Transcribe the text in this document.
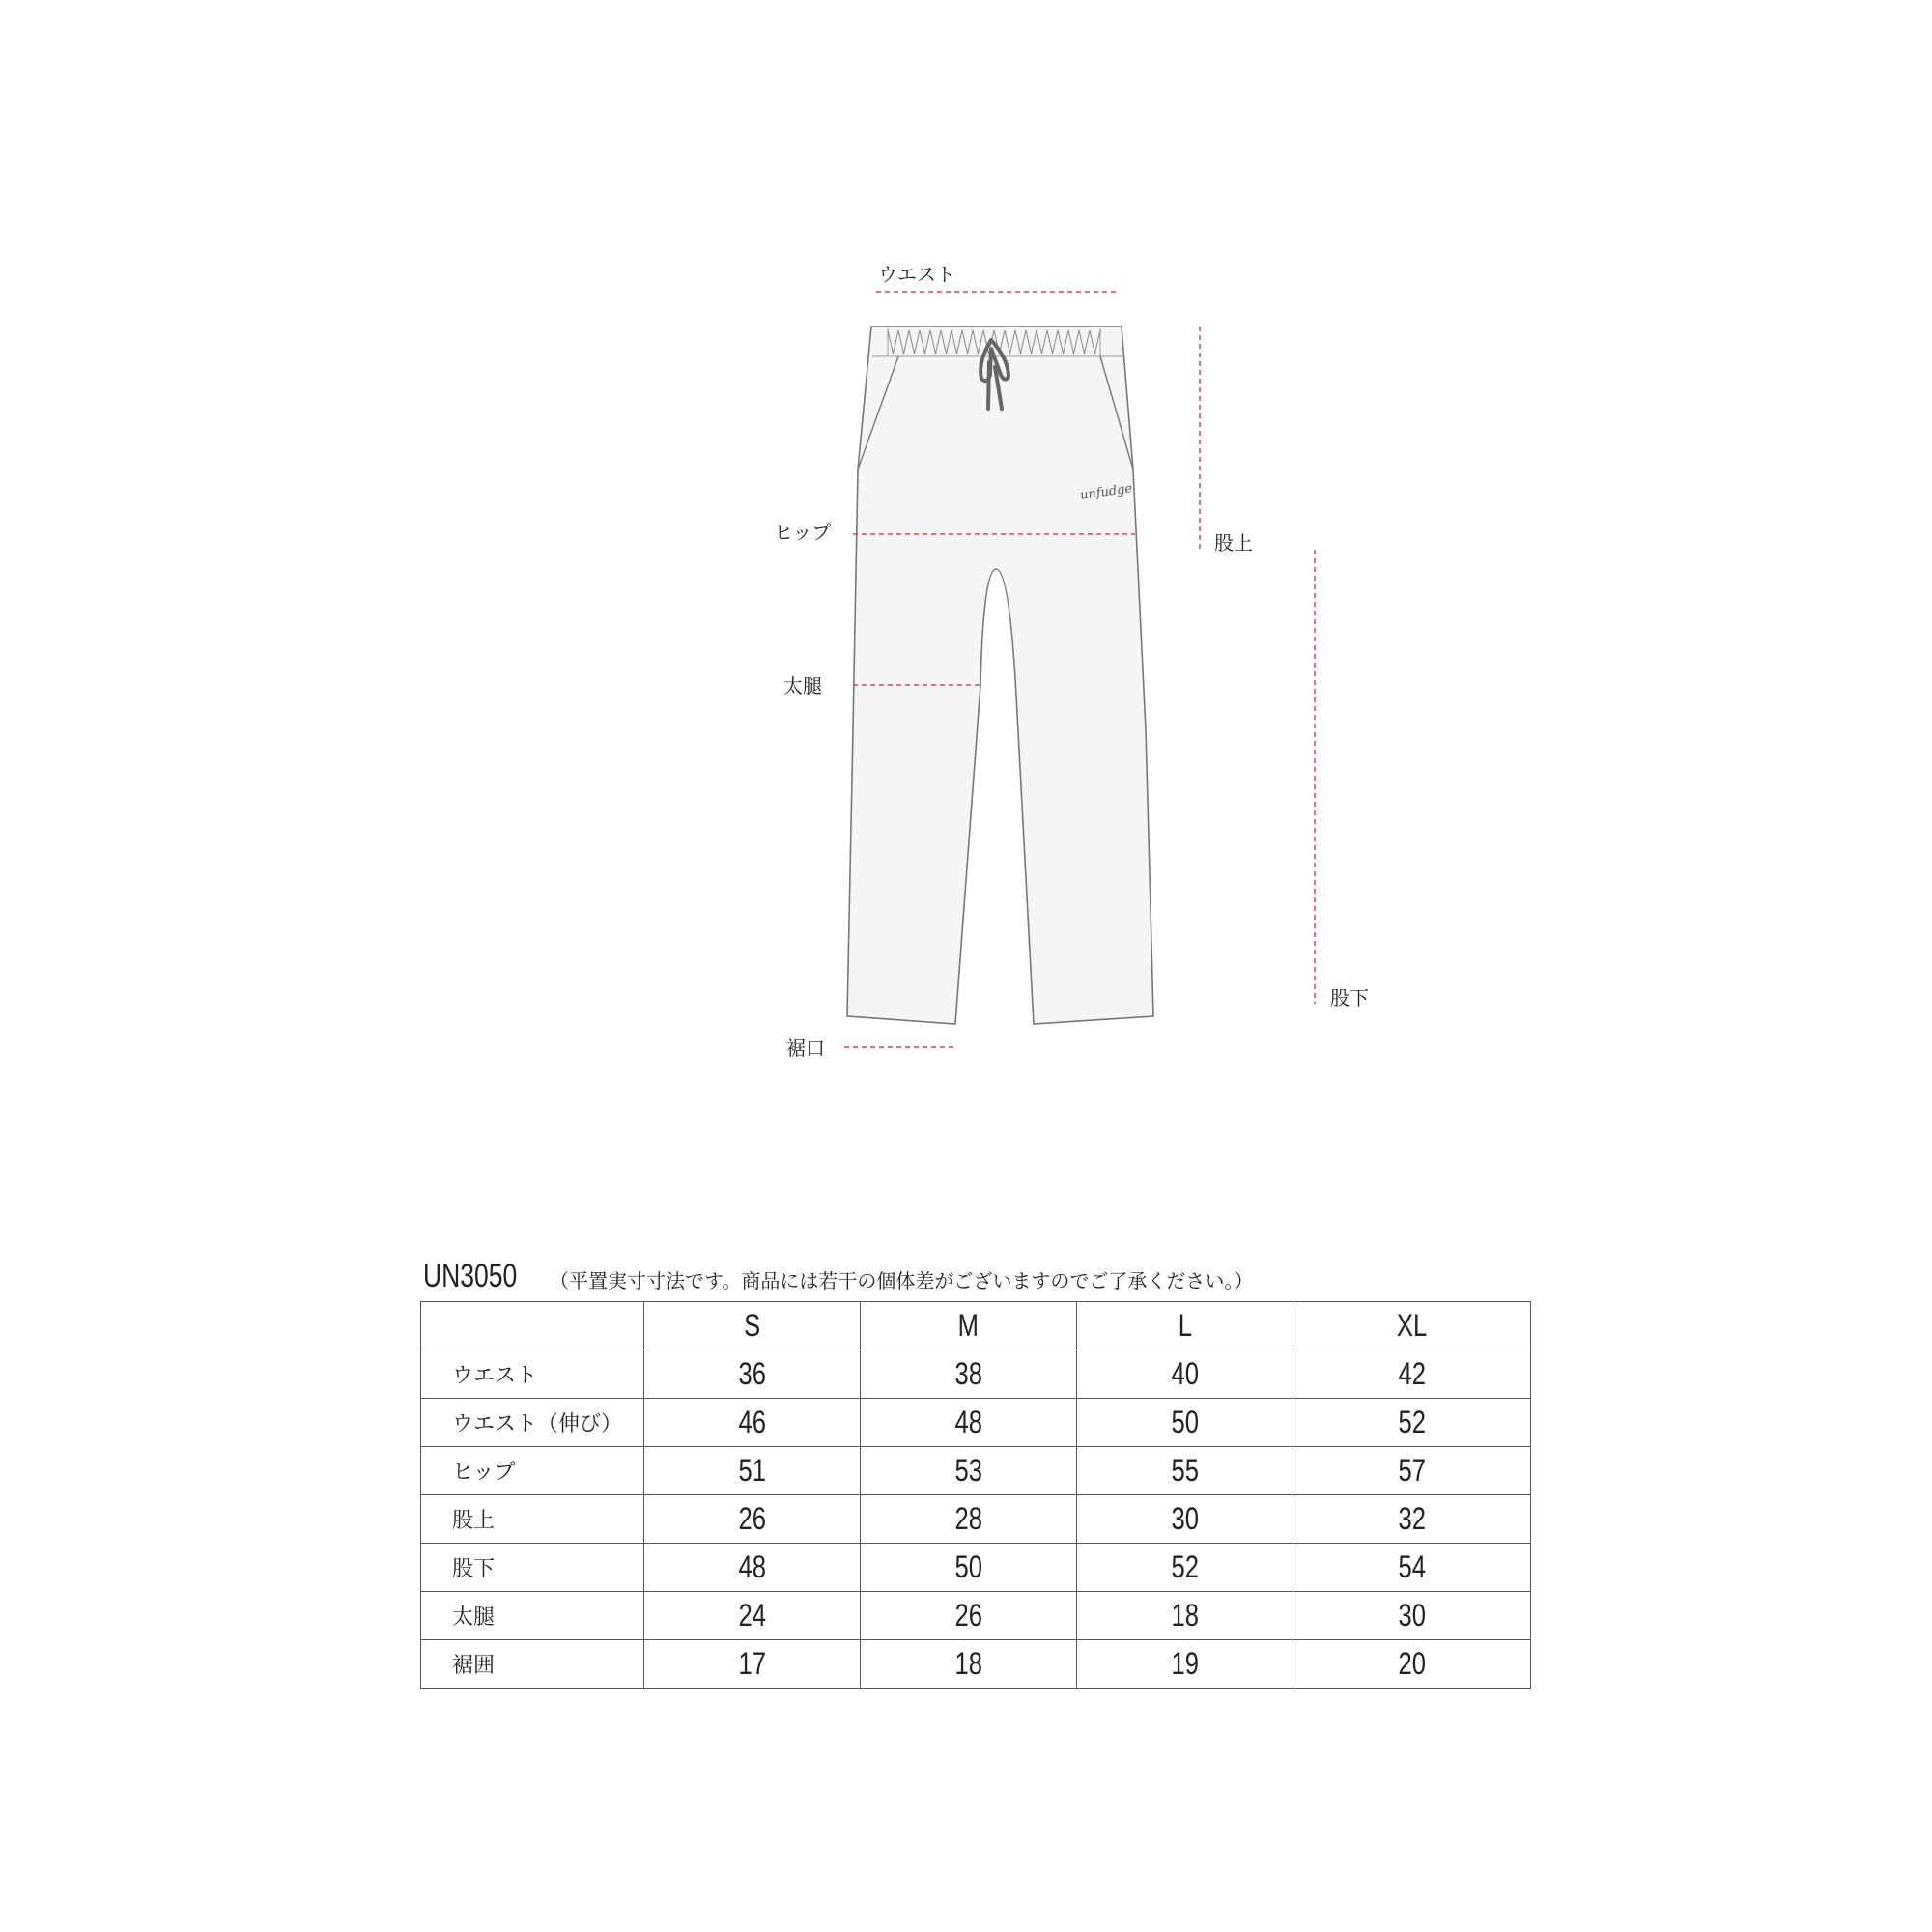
unfudge
ウエスト
ヒップ
太腿
裾口
股上
股下
UN3050 （平置実寸寸法です。商品には若干の個体差がございますのでご了承ください。）
	S	M	L	XL
ウエスト	36	38	40	42
ウエスト（伸び）	46	48	50	52
ヒップ	51	53	55	57
股上	26	28	30	32
股下	48	50	52	54
太腿	24	26	18	30
裾囲	17	18	19	20
